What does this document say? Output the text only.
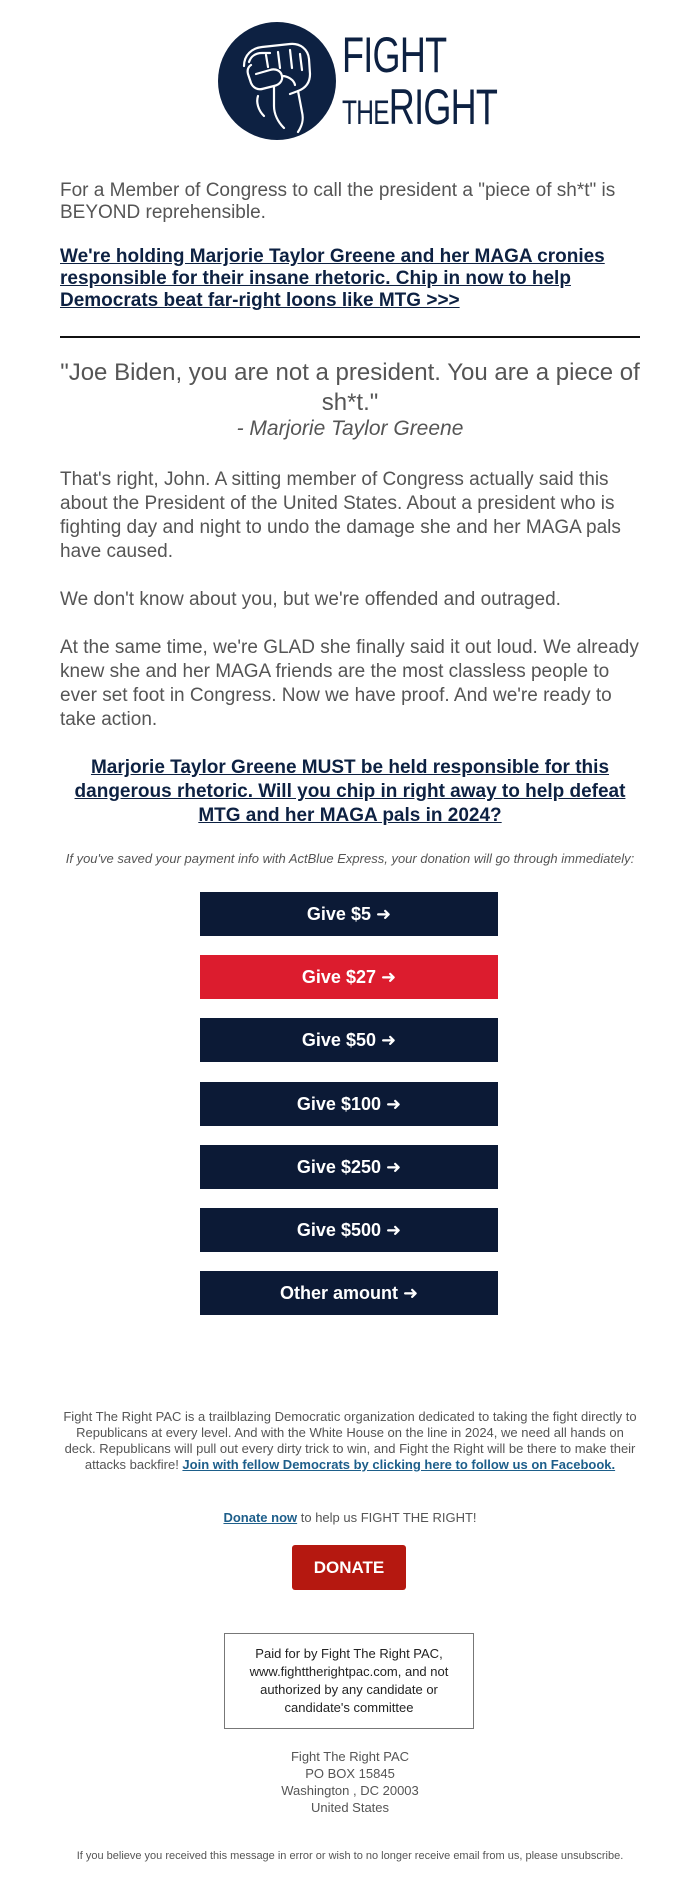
FIGHT
THERIGHT

For a Member of Congress to call the president a "piece of sh*t" is BEYOND reprehensible.

We're holding Marjorie Taylor Greene and her MAGA cronies responsible for their insane rhetoric. Chip in now to help Democrats beat far-right loons like MTG >>>
"Joe Biden, you are not a president. You are a piece of sh*t."
- Marjorie Taylor Greene
That's right, John. A sitting member of Congress actually said this about the President of the United States. About a president who is fighting day and night to undo the damage she and her MAGA pals have caused.
We don't know about you, but we're offended and outraged.
At the same time, we're GLAD she finally said it out loud. We already knew she and her MAGA friends are the most classless people to ever set foot in Congress. Now we have proof. And we're ready to take action.
Marjorie Taylor Greene MUST be held responsible for this dangerous rhetoric. Will you chip in right away to help defeat MTG and her MAGA pals in 2024?
If you've saved your payment info with ActBlue Express, your donation will go through immediately:
Give $5 ➜
Give $27 ➜
Give $50 ➜
Give $100 ➜
Give $250 ➜
Give $500 ➜
Other amount ➜
Fight The Right PAC is a trailblazing Democratic organization dedicated to taking the fight directly to Republicans at every level. And with the White House on the line in 2024, we need all hands on deck. Republicans will pull out every dirty trick to win, and Fight the Right will be there to make their attacks backfire! Join with fellow Democrats by clicking here to follow us on Facebook.
Donate now to help us FIGHT THE RIGHT!
DONATE
Paid for by Fight The Right PAC, www.fighttherightpac.com, and not authorized by any candidate or candidate's committee
Fight The Right PAC
PO BOX 15845
Washington , DC 20003
United States
If you believe you received this message in error or wish to no longer receive email from us, please unsubscribe.
